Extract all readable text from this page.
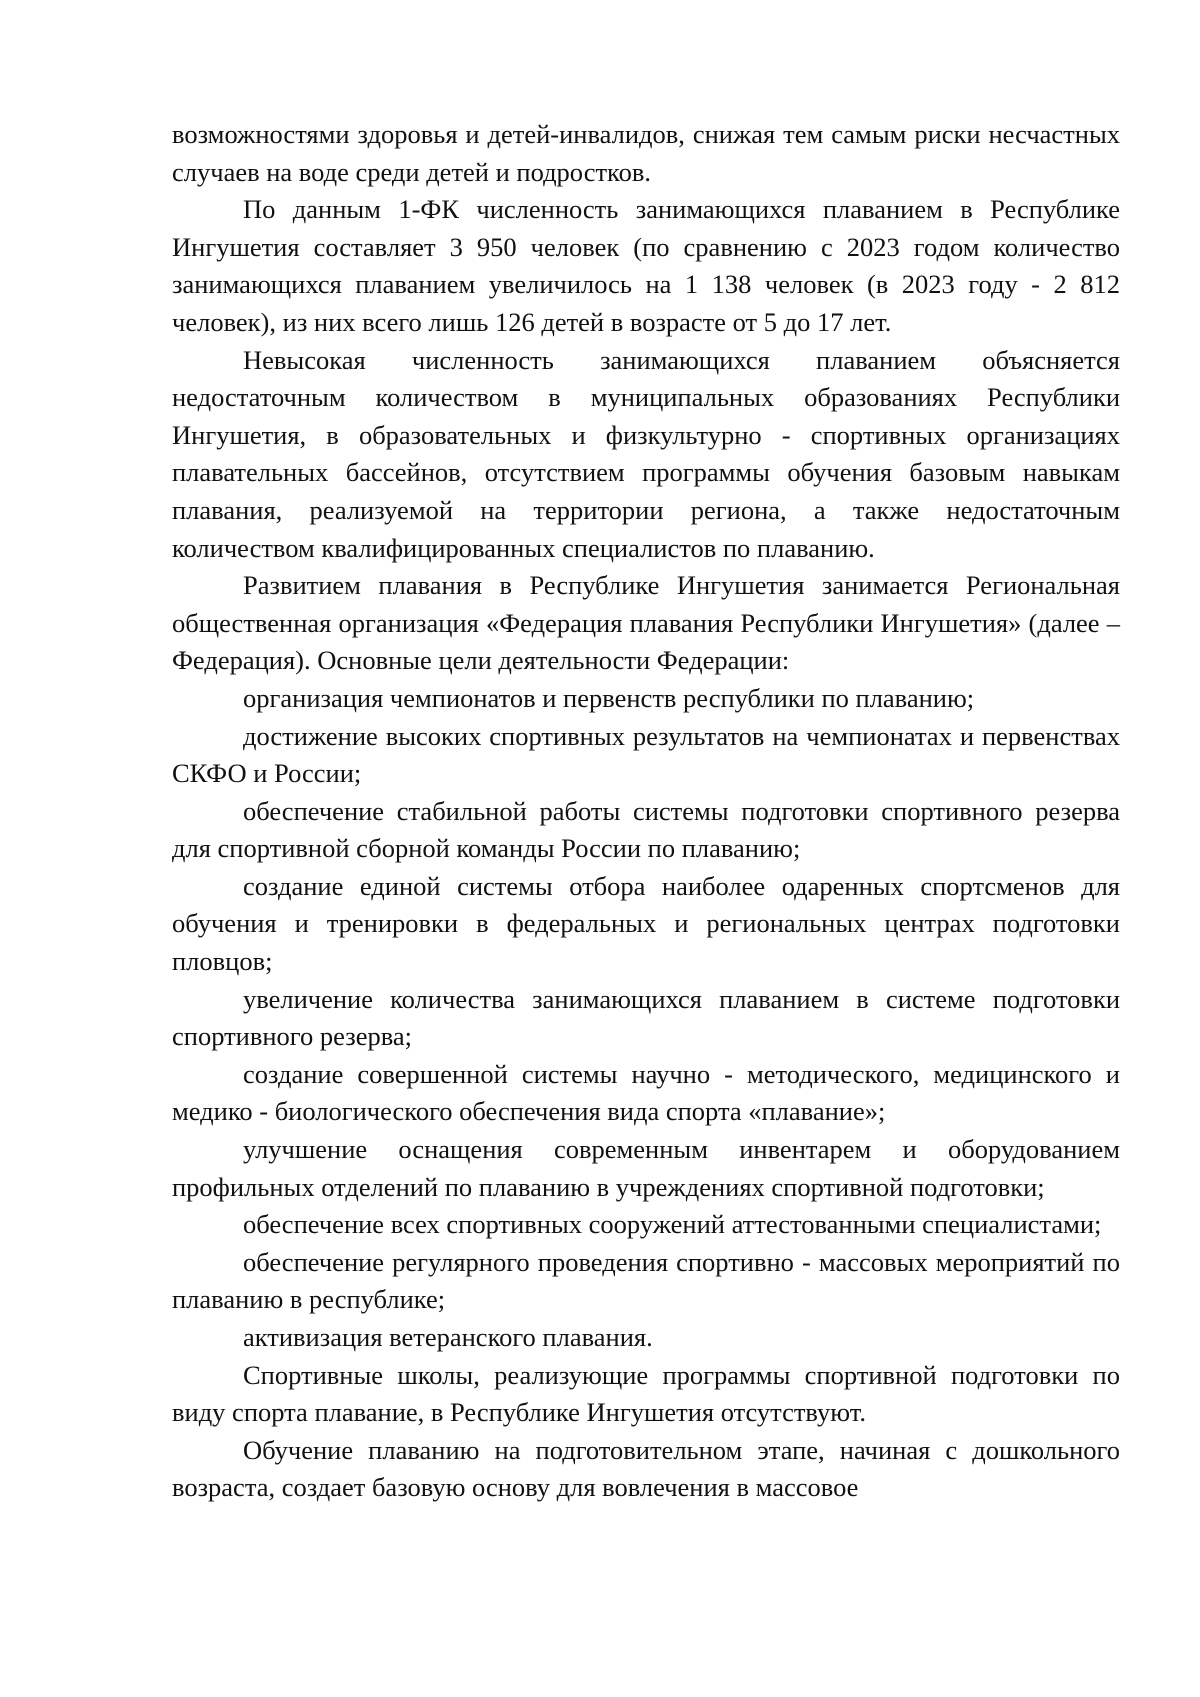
возможностями здоровья и детей-инвалидов, снижая тем самым риски несчастных случаев на воде среди детей и подростков.

По данным 1-ФК численность занимающихся плаванием в Республике Ингушетия составляет 3 950 человек (по сравнению с 2023 годом количество занимающихся плаванием увеличилось на 1 138 человек (в 2023 году - 2 812 человек), из них всего лишь 126 детей в возрасте от 5 до 17 лет.

Невысокая численность занимающихся плаванием объясняется недостаточным количеством в муниципальных образованиях Республики Ингушетия, в образовательных и физкультурно - спортивных организациях плавательных бассейнов, отсутствием программы обучения базовым навыкам плавания, реализуемой на территории региона, а также недостаточным количеством квалифицированных специалистов по плаванию.

Развитием плавания в Республике Ингушетия занимается Региональная общественная организация «Федерация плавания Республики Ингушетия» (далее – Федерация). Основные цели деятельности Федерации:

организация чемпионатов и первенств республики по плаванию;

достижение высоких спортивных результатов на чемпионатах и первенствах СКФО и России;

обеспечение стабильной работы системы подготовки спортивного резерва для спортивной сборной команды России по плаванию;

создание единой системы отбора наиболее одаренных спортсменов для обучения и тренировки в федеральных и региональных центрах подготовки пловцов;

увеличение количества занимающихся плаванием в системе подготовки спортивного резерва;

создание совершенной системы научно - методического, медицинского и медико - биологического обеспечения вида спорта «плавание»;

улучшение оснащения современным инвентарем и оборудованием профильных отделений по плаванию в учреждениях спортивной подготовки;

обеспечение всех спортивных сооружений аттестованными специалистами;

обеспечение регулярного проведения спортивно - массовых мероприятий по плаванию в республике;

активизация ветеранского плавания.

Спортивные школы, реализующие программы спортивной подготовки по виду спорта плавание, в Республике Ингушетия отсутствуют.

Обучение плаванию на подготовительном этапе, начиная с дошкольного возраста, создает базовую основу для вовлечения в массовое
